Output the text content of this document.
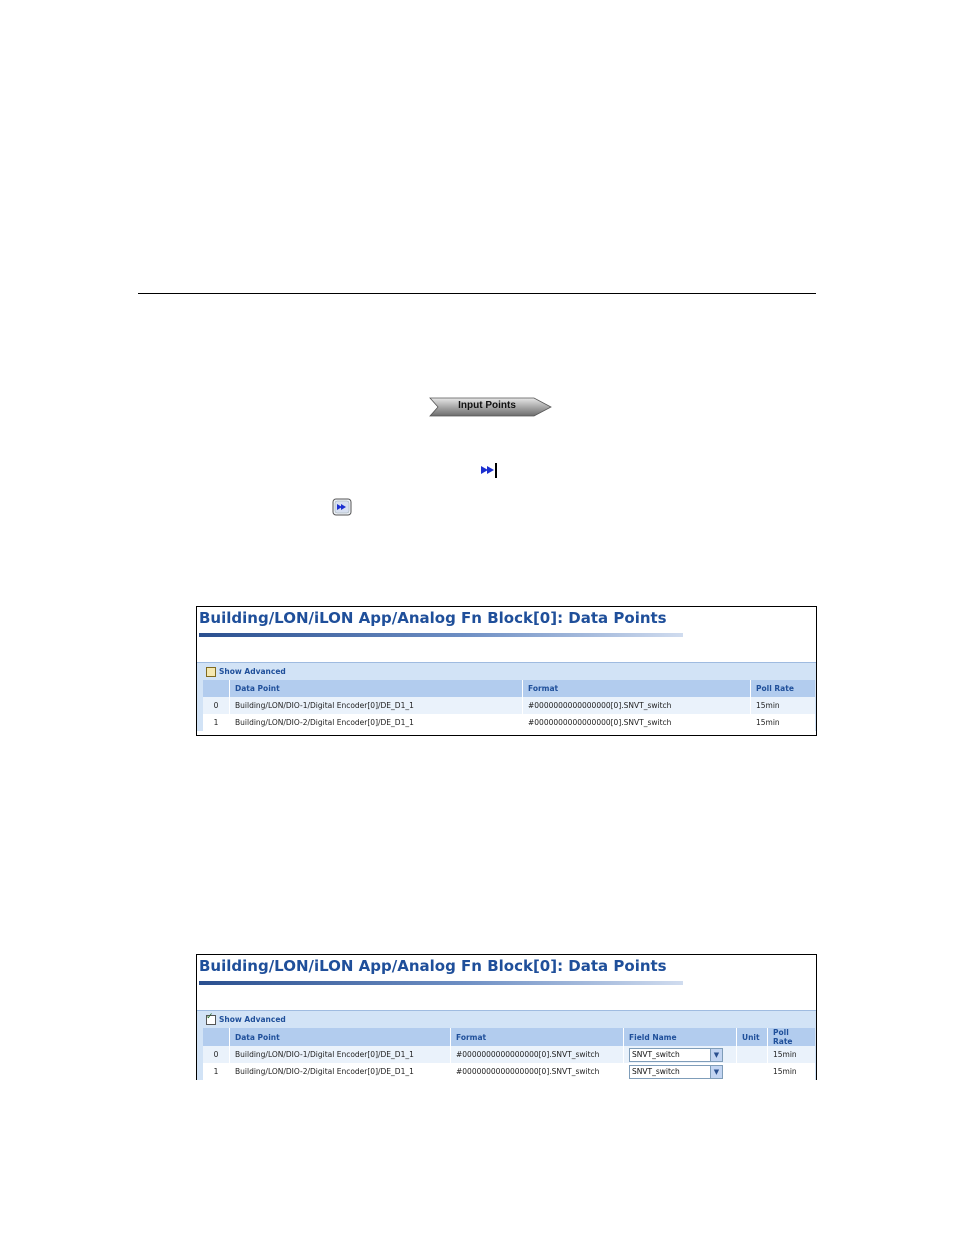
Input Points
Building/LON/iLON App/Analog Fn Block[0]: Data Points
Show Advanced
	Data Point	Format	Poll Rate
0	Building/LON/DIO-1/Digital Encoder[0]/DE_D1_1	#0000000000000000[0].SNVT_switch	15min
1	Building/LON/DIO-2/Digital Encoder[0]/DE_D1_1	#0000000000000000[0].SNVT_switch	15min
Building/LON/iLON App/Analog Fn Block[0]: Data Points
✓
Show Advanced
	Data Point	Format	Field Name	Unit	Poll Rate
0	Building/LON/DIO-1/Digital Encoder[0]/DE_D1_1	#0000000000000000[0].SNVT_switch	SNVT_switch ▼		15min
1	Building/LON/DIO-2/Digital Encoder[0]/DE_D1_1	#0000000000000000[0].SNVT_switch	SNVT_switch ▼		15min
